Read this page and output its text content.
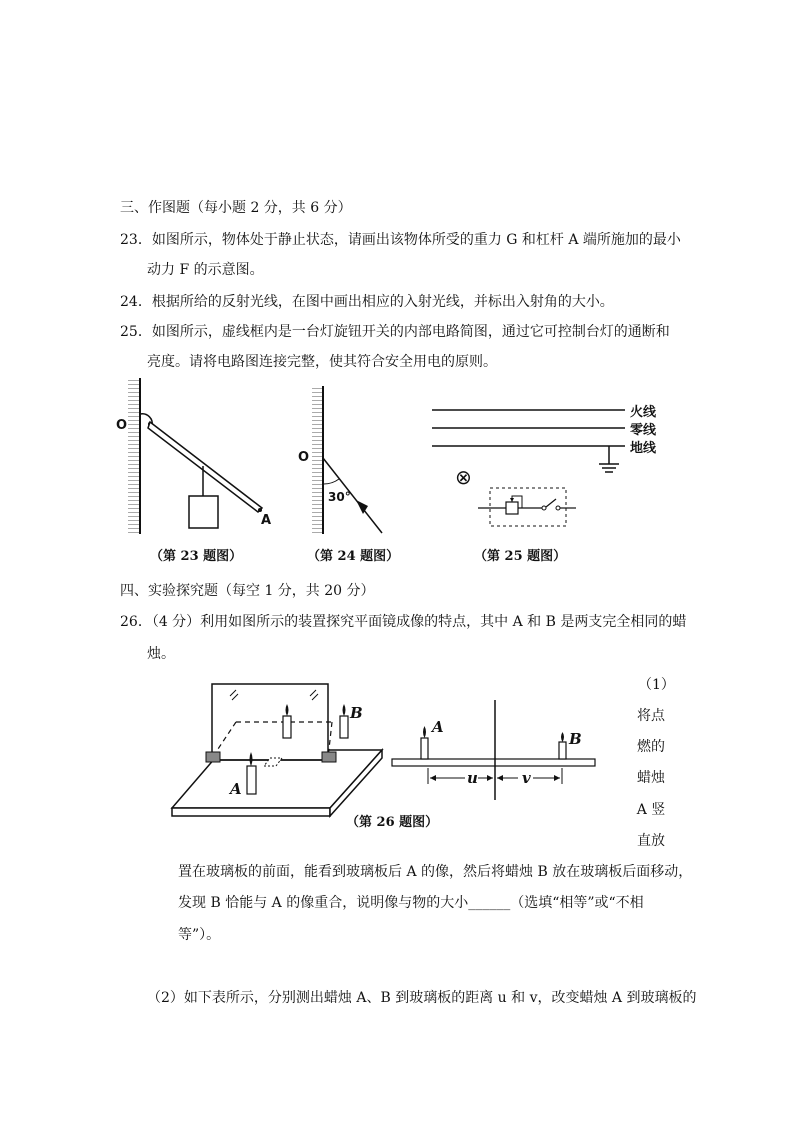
三、作图题（每小题 2 分，共 6 分）
23．如图所示，物体处于静止状态，请画出该物体所受的重力 G 和杠杆 A 端所施加的最小
动力 F 的示意图。
24．根据所给的反射光线，在图中画出相应的入射光线，并标出入射角的大小。
25．如图所示，虚线框内是一台灯旋钮开关的内部电路简图，通过它可控制台灯的通断和
亮度。请将电路图连接完整，使其符合安全用电的原则。
O
A
（第 23 题图）
O
30°
（第 24 题图）
火线
零线
地线
⊗
（第 25 题图）
四、实验探究题（每空 1 分，共 20 分）
26．（4 分）利用如图所示的装置探究平面镜成像的特点，其中 A 和 B 是两支完全相同的蜡
烛。
B
A
A
B
u	v
（第 26 题图）
（1）
将点
燃的
蜡烛
A 竖
直放
置在玻璃板的前面，能看到玻璃板后 A 的像，然后将蜡烛 B 放在玻璃板后面移动，
发现 B 恰能与 A 的像重合，说明像与物的大小______（选填“相等”或“不相
等”）。
（2）如下表所示，分别测出蜡烛 A、B 到玻璃板的距离 u 和 v，改变蜡烛 A 到玻璃板的
